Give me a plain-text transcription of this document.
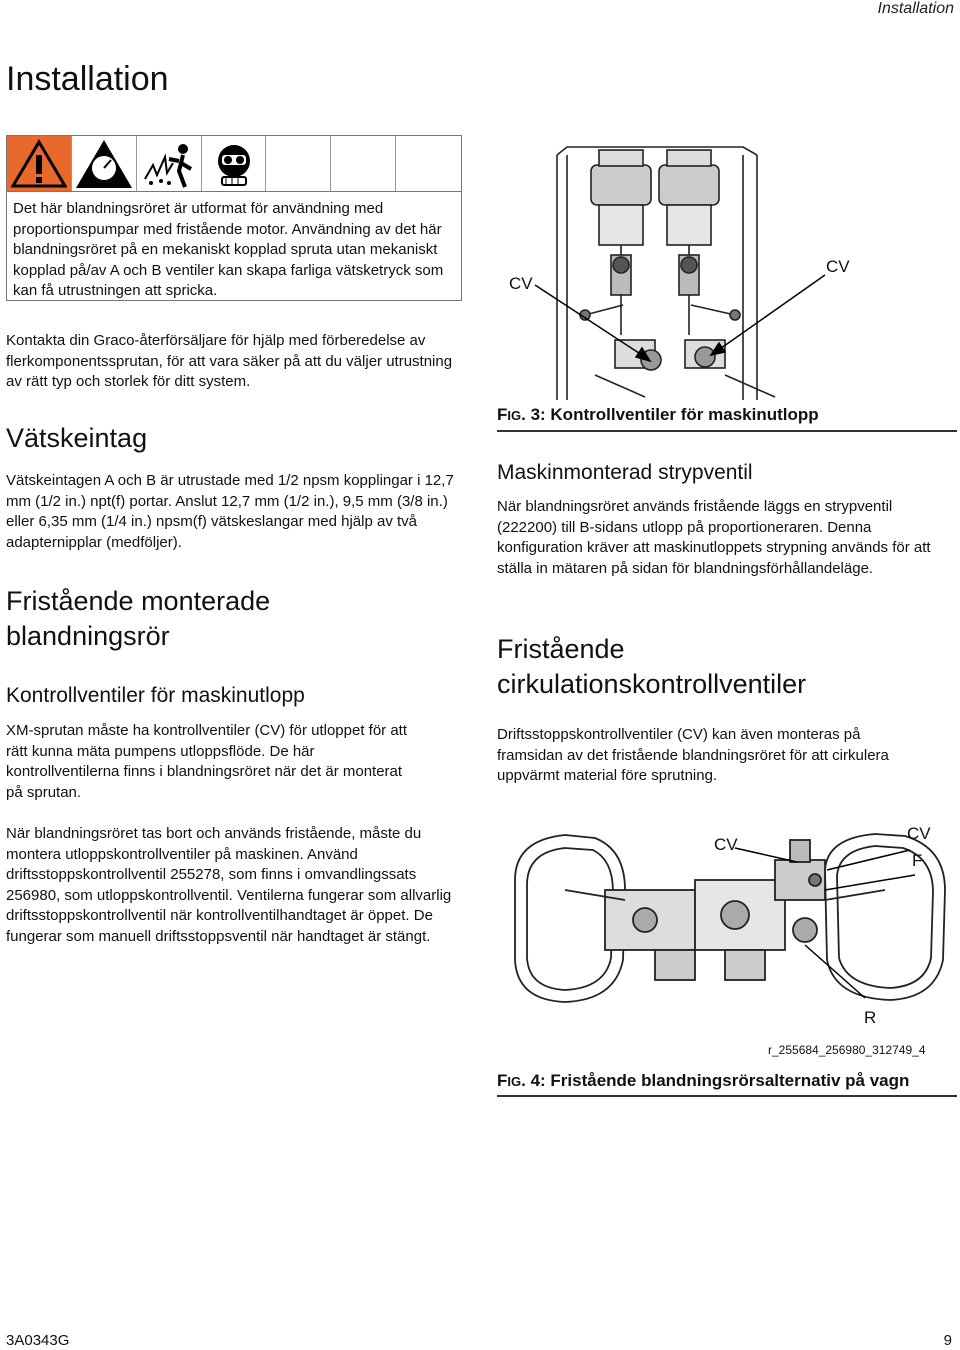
Installation
Installation

Det här blandningsröret är utformat för användning med proportionspumpar med fristående motor. Användning av det här blandningsröret på en mekaniskt kopplad spruta utan mekaniskt kopplad på/av A och B ventiler kan skapa farliga vätsketryck som kan få utrustningen att spricka.

Kontakta din Graco-återförsäljare för hjälp med förberedelse av flerkomponentssprutan, för att vara säker på att du väljer utrustning av rätt typ och storlek för ditt system.

Vätskeintag

Vätskeintagen A och B är utrustade med 1/2 npsm kopplingar i 12,7 mm (1/2 in.) npt(f) portar. Anslut 12,7 mm (1/2 in.), 9,5 mm (3/8 in.) eller 6,35 mm (1/4 in.) npsm(f) vätskeslangar med hjälp av två adapternipplar (medföljer).

Fristående monterade
blandningsrör
Kontrollventiler för maskinutlopp

XM-sprutan måste ha kontrollventiler (CV) för utloppet för att rätt kunna mäta pumpens utloppsflöde. De här kontrollventilerna finns i blandningsröret när det är monterat på sprutan.

När blandningsröret tas bort och används fristående, måste du montera utloppskontrollventiler på maskinen. Använd driftsstoppskontrollventil 255278, som finns i omvandlingssats 256980, som utloppskontrollventil. Ventilerna fungerar som allvarlig driftsstoppskontrollventil när kontrollventilhandtaget är öppet. De fungerar som manuell driftsstoppsventil när handtaget är stängt.

CV
CV

FIG. 3: Kontrollventiler för maskinutlopp

Maskinmonterad strypventil

När blandningsröret används fristående läggs en strypventil (222200) till B-sidans utlopp på proportioneraren. Denna konfiguration kräver att maskinutloppets strypning används för att ställa in mätaren på sidan för blandningsförhållandeläge.

Fristående
cirkulationskontrollventiler

Driftsstoppskontrollventiler (CV) kan även monteras på framsidan av det fristående blandningsröret för att cirkulera uppvärmt material före sprutning.

CV
CV
F
R
r_255684_256980_312749_4

FIG. 4: Fristående blandningsrörsalternativ på vagn

3A0343G	9
